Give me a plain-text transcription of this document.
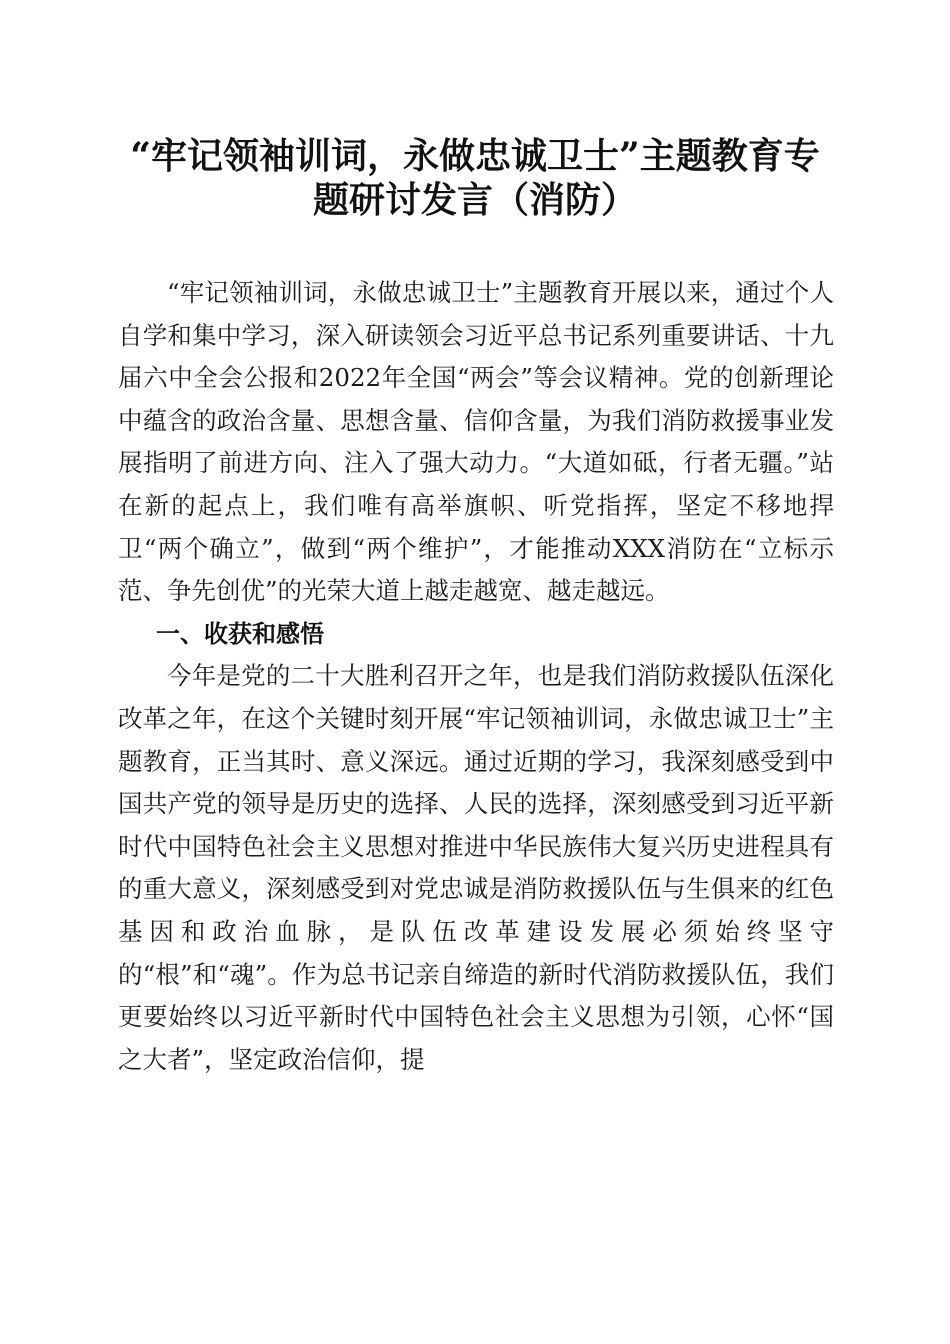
“牢记领袖训词，永做忠诚卫士”主题教育专
题研讨发言（消防）

“牢记领袖训词，永做忠诚卫士”主题教育开展以来，通过个人自学和集中学习，深入研读领会习近平总书记系列重要讲话、十九届六中全会公报和2022年全国“两会”等会议精神。党的创新理论中蕴含的政治含量、思想含量、信仰含量，为我们消防救援事业发展指明了前进方向、注入了强大动力。“大道如砥，行者无疆。”站在新的起点上，我们唯有高举旗帜、听党指挥，坚定不移地捍卫“两个确立”，做到“两个维护”，才能推动XXX消防在“立标示范、争先创优”的光荣大道上越走越宽、越走越远。

一、收获和感悟

今年是党的二十大胜利召开之年，也是我们消防救援队伍深化改革之年，在这个关键时刻开展“牢记领袖训词，永做忠诚卫士”主题教育，正当其时、意义深远。通过近期的学习，我深刻感受到中国共产党的领导是历史的选择、人民的选择，深刻感受到习近平新时代中国特色社会主义思想对推进中华民族伟大复兴历史进程具有的重大意义，深刻感受到对党忠诚是消防救援队伍与生俱来的红色基因和政治血脉，是队伍改革建设发展必须始终坚守的“根”和“魂”。作为总书记亲自缔造的新时代消防救援队伍，我们更要始终以习近平新时代中国特色社会主义思想为引领，心怀“国之大者”，坚定政治信仰，提
